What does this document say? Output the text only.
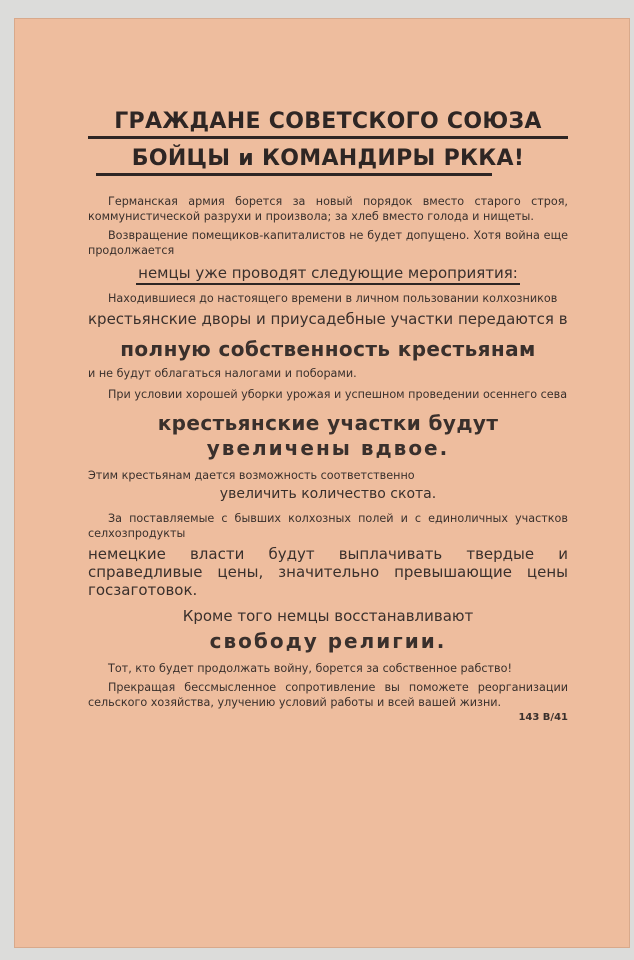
ГРАЖДАНЕ СОВЕТСКОГО СОЮЗА
БОЙЦЫ и КОМАНДИРЫ РККА!

Германская армия борется за новый порядок вместо старого строя, коммунистической разрухи и произвола; за хлеб вместо голода и нищеты.

Возвращение помещиков-капиталистов не будет допущено. Хотя война еще продолжается

немцы уже проводят следующие мероприятия:

Находившиеся до настоящего времени в личном пользовании колхозников

крестьянские дворы и приусадебные участки передаются в

полную собственность крестьянам

и не будут облагаться налогами и поборами.

При условии хорошей уборки урожая и успешном проведении осеннего сева

крестьянские участки будут

увеличены вдвое.

Этим крестьянам дается возможность соответственно

увеличить количество скота.

За поставляемые с бывших колхозных полей и с единоличных участков селхозпродукты

немецкие власти будут выплачивать твердые и справедливые цены, значительно превышающие цены госзаготовок.

Кроме того немцы восстанавливают

свободу религии.

Тот, кто будет продолжать войну, борется за собственное рабство!

Прекращая бессмысленное сопротивление вы поможете реорганизации сельского хозяйства, улучению условий работы и всей вашей жизни.

143 В/41
